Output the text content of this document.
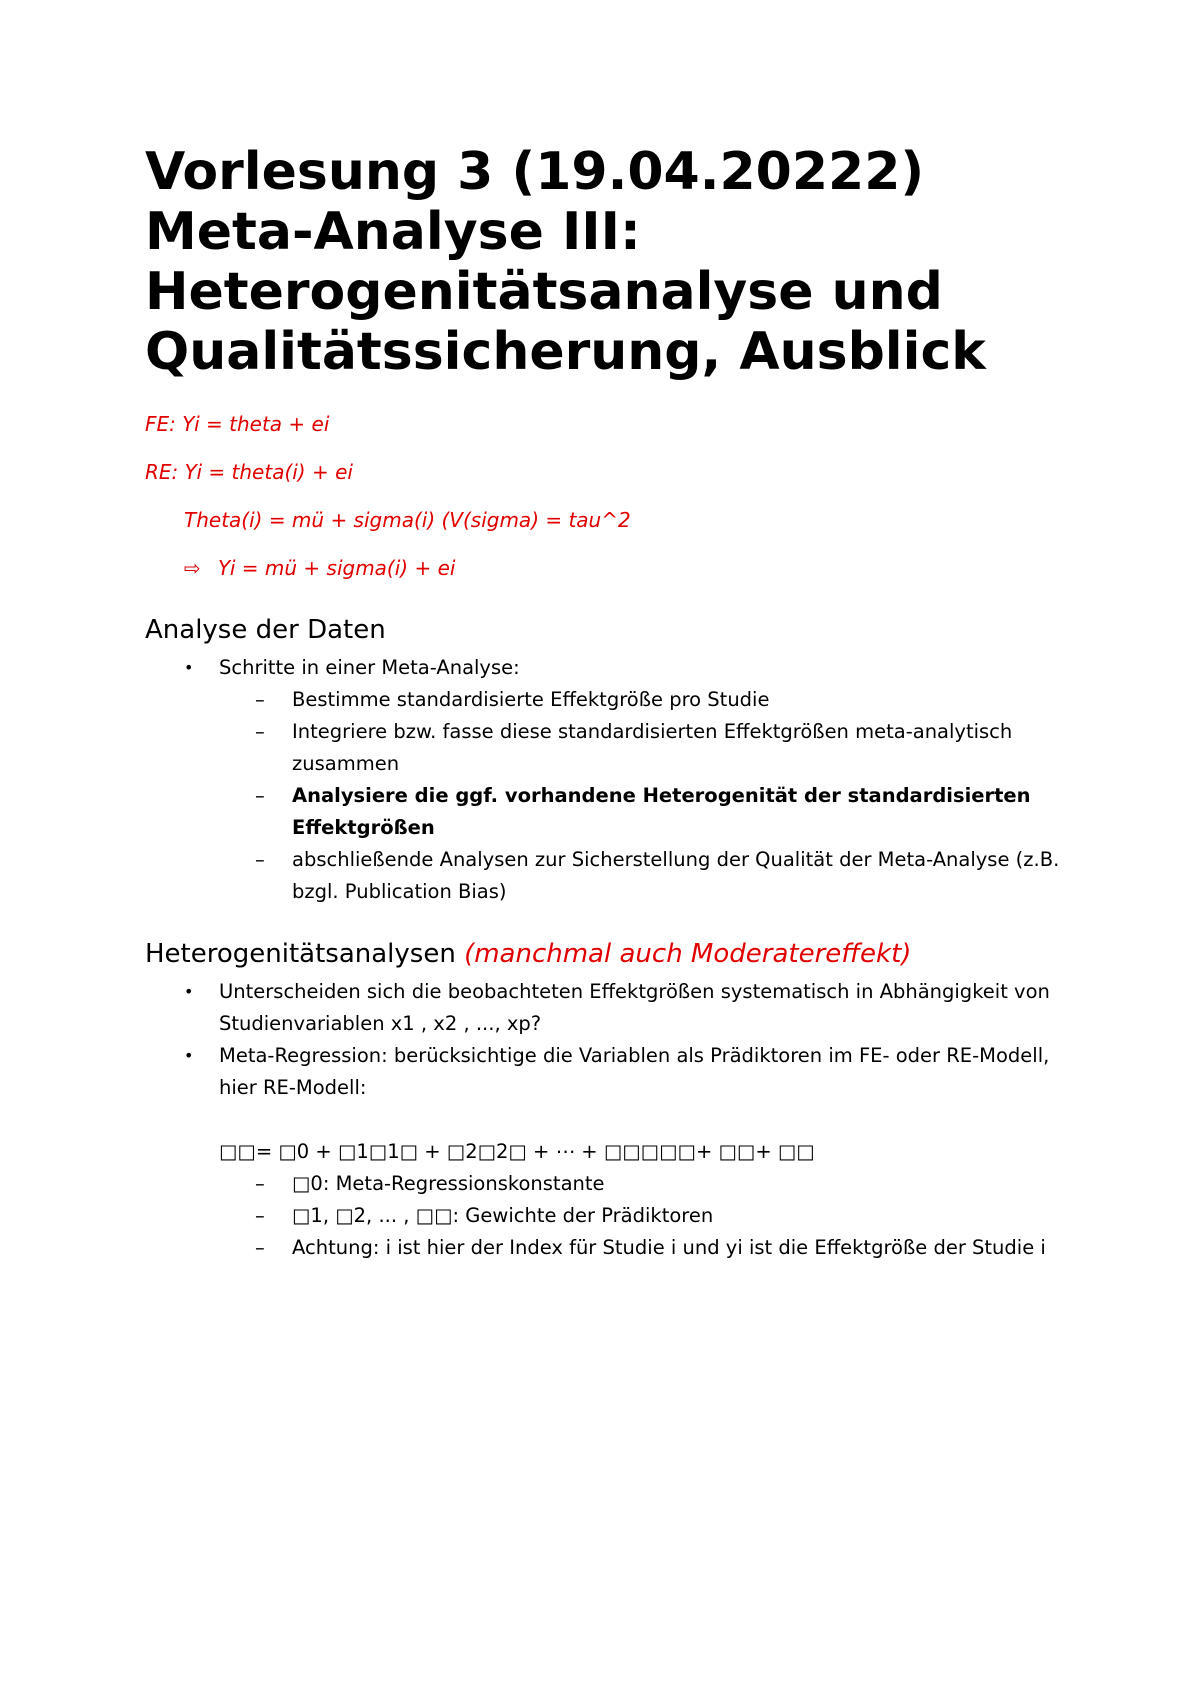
Vorlesung 3 (19.04.20222)
Meta-Analyse III:
Heterogenitätsanalyse und
Qualitätssicherung, Ausblick
FE: Yi = theta + ei
RE: Yi = theta(i) + ei
Theta(i) = mü + sigma(i) (V(sigma) = tau^2
⇨ Yi = mü + sigma(i) + ei
Analyse der Daten
• Schritte in einer Meta-Analyse:
– Bestimme standardisierte Effektgröße pro Studie
– Integriere bzw. fasse diese standardisierten Effektgrößen meta-analytisch
zusammen
– Analysiere die ggf. vorhandene Heterogenität der standardisierten
Effektgrößen
– abschließende Analysen zur Sicherstellung der Qualität der Meta-Analyse (z.B.
bzgl. Publication Bias)
Heterogenitätsanalysen (manchmal auch Moderatereffekt)
• Unterscheiden sich die beobachteten Effektgrößen systematisch in Abhängigkeit von
Studienvariablen x1 , x2 , ..., xp?
• Meta-Regression: berücksichtige die Variablen als Prädiktoren im FE- oder RE-Modell,
hier RE-Modell:
□□= □0 + □1□1□ + □2□2□ + ⋯ + □□□□□+ □□+ □□
– □0: Meta-Regressionskonstante
– □1, □2, ... , □□: Gewichte der Prädiktoren
– Achtung: i ist hier der Index für Studie i und yi ist die Effektgröße der Studie i
